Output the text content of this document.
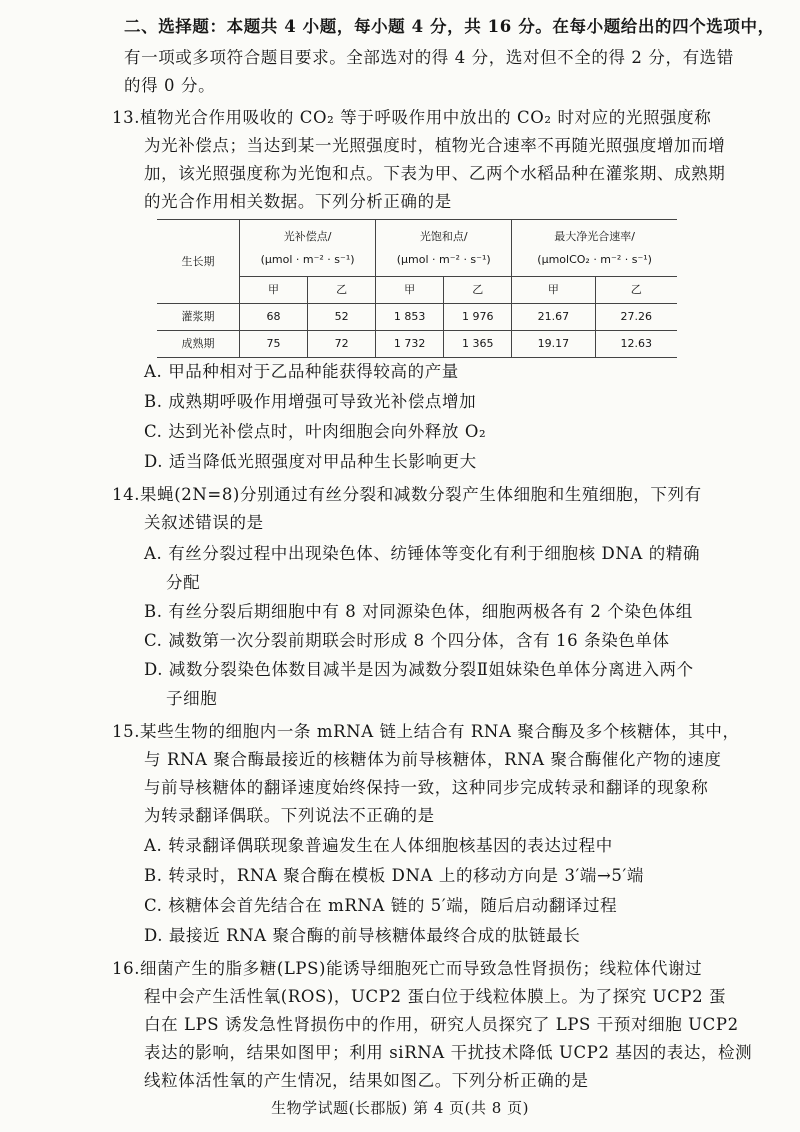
二、选择题：本题共 4 小题，每小题 4 分，共 16 分。在每小题给出的四个选项中，
有一项或多项符合题目要求。全部选对的得 4 分，选对但不全的得 2 分，有选错
的得 0 分。
13.植物光合作用吸收的 CO₂ 等于呼吸作用中放出的 CO₂ 时对应的光照强度称
为光补偿点；当达到某一光照强度时，植物光合速率不再随光照强度增加而增
加，该光照强度称为光饱和点。下表为甲、乙两个水稻品种在灌浆期、成熟期
的光合作用相关数据。下列分析正确的是
生长期	光补偿点/
(μmol · m⁻² · s⁻¹)		光饱和点/
(μmol · m⁻² · s⁻¹)		最大净光合速率/
(μmolCO₂ · m⁻² · s⁻¹)	

	甲	乙	甲	乙	甲	乙
灌浆期	68	52	1 853	1 976	21.67	27.26
成熟期	75	72	1 732	1 365	19.17	12.63
A. 甲品种相对于乙品种能获得较高的产量
B. 成熟期呼吸作用增强可导致光补偿点增加
C. 达到光补偿点时，叶肉细胞会向外释放 O₂
D. 适当降低光照强度对甲品种生长影响更大
14.果蝇(2N=8)分别通过有丝分裂和减数分裂产生体细胞和生殖细胞，下列有
关叙述错误的是
A. 有丝分裂过程中出现染色体、纺锤体等变化有利于细胞核 DNA 的精确
分配
B. 有丝分裂后期细胞中有 8 对同源染色体，细胞两极各有 2 个染色体组
C. 减数第一次分裂前期联会时形成 8 个四分体，含有 16 条染色单体
D. 减数分裂染色体数目减半是因为减数分裂Ⅱ姐妹染色单体分离进入两个
子细胞
15.某些生物的细胞内一条 mRNA 链上结合有 RNA 聚合酶及多个核糖体，其中，
与 RNA 聚合酶最接近的核糖体为前导核糖体，RNA 聚合酶催化产物的速度
与前导核糖体的翻译速度始终保持一致，这种同步完成转录和翻译的现象称
为转录翻译偶联。下列说法不正确的是
A. 转录翻译偶联现象普遍发生在人体细胞核基因的表达过程中
B. 转录时，RNA 聚合酶在模板 DNA 上的移动方向是 3′端→5′端
C. 核糖体会首先结合在 mRNA 链的 5′端，随后启动翻译过程
D. 最接近 RNA 聚合酶的前导核糖体最终合成的肽链最长
16.细菌产生的脂多糖(LPS)能诱导细胞死亡而导致急性肾损伤；线粒体代谢过
程中会产生活性氧(ROS)，UCP2 蛋白位于线粒体膜上。为了探究 UCP2 蛋
白在 LPS 诱发急性肾损伤中的作用，研究人员探究了 LPS 干预对细胞 UCP2
表达的影响，结果如图甲；利用 siRNA 干扰技术降低 UCP2 基因的表达，检测
线粒体活性氧的产生情况，结果如图乙。下列分析正确的是
生物学试题(长郡版) 第 4 页(共 8 页)
